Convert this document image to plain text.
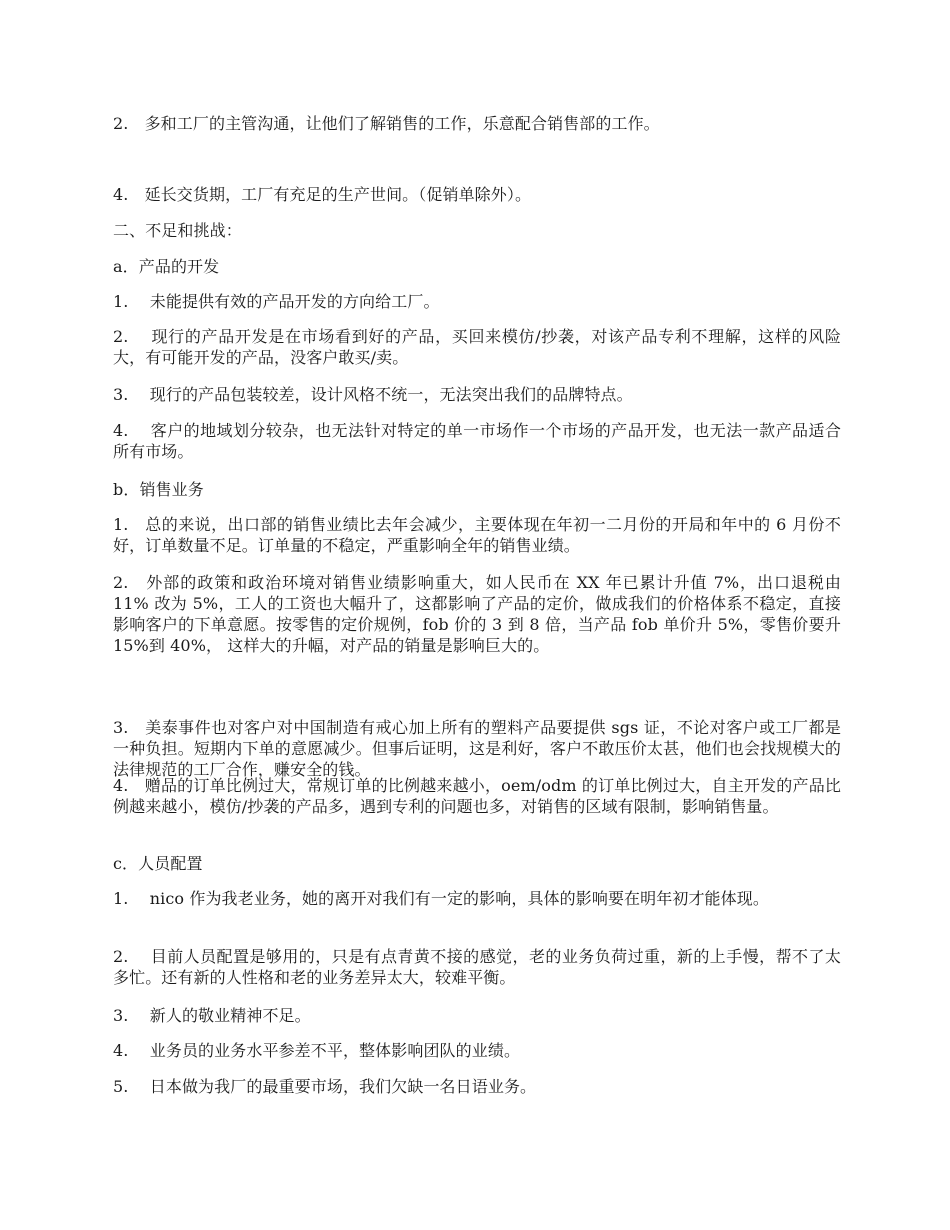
2.　多和工厂的主管沟通，让他们了解销售的工作，乐意配合销售部的工作。

4.　延长交货期，工厂有充足的生产世间。（促销单除外）。

二、不足和挑战：

a．产品的开发

1.　 未能提供有效的产品开发的方向给工厂。

2.　 现行的产品开发是在市场看到好的产品，买回来模仿/抄袭，对该产品专利不理解，这样的风险大，有可能开发的产品，没客户敢买/卖。

3.　 现行的产品包装较差，设计风格不统一，无法突出我们的品牌特点。

4.　 客户的地域划分较杂，也无法针对特定的单一市场作一个市场的产品开发，也无法一款产品适合所有市场。

b．销售业务

1.　总的来说，出口部的销售业绩比去年会减少，主要体现在年初一二月份的开局和年中的 6 月份不好，订单数量不足。订单量的不稳定，严重影响全年的销售业绩。

2.　外部的政策和政治环境对销售业绩影响重大，如人民币在 XX 年已累计升值 7%，出口退税由 11% 改为 5%，工人的工资也大幅升了，这都影响了产品的定价，做成我们的价格体系不稳定，直接影响客户的下单意愿。按零售的定价规例，fob 价的 3 到 8 倍，当产品 fob 单价升 5%，零售价要升 15%到 40%， 这样大的升幅，对产品的销量是影响巨大的。

3.　美泰事件也对客户对中国制造有戒心加上所有的塑料产品要提供 sgs 证，不论对客户或工厂都是一种负担。短期内下单的意愿减少。但事后证明，这是利好，客户不敢压价太甚，他们也会找规模大的法律规范的工厂合作，赚安全的钱。

4.　赠品的订单比例过大，常规订单的比例越来越小，oem/odm 的订单比例过大，自主开发的产品比例越来越小，模仿/抄袭的产品多，遇到专利的问题也多，对销售的区域有限制，影响销售量。

c．人员配置

1.　 nico 作为我老业务，她的离开对我们有一定的影响，具体的影响要在明年初才能体现。

2.　 目前人员配置是够用的，只是有点青黄不接的感觉，老的业务负荷过重，新的上手慢，帮不了太多忙。还有新的人性格和老的业务差异太大，较难平衡。

3.　 新人的敬业精神不足。

4.　 业务员的业务水平参差不平，整体影响团队的业绩。

5.　 日本做为我厂的最重要市场，我们欠缺一名日语业务。
